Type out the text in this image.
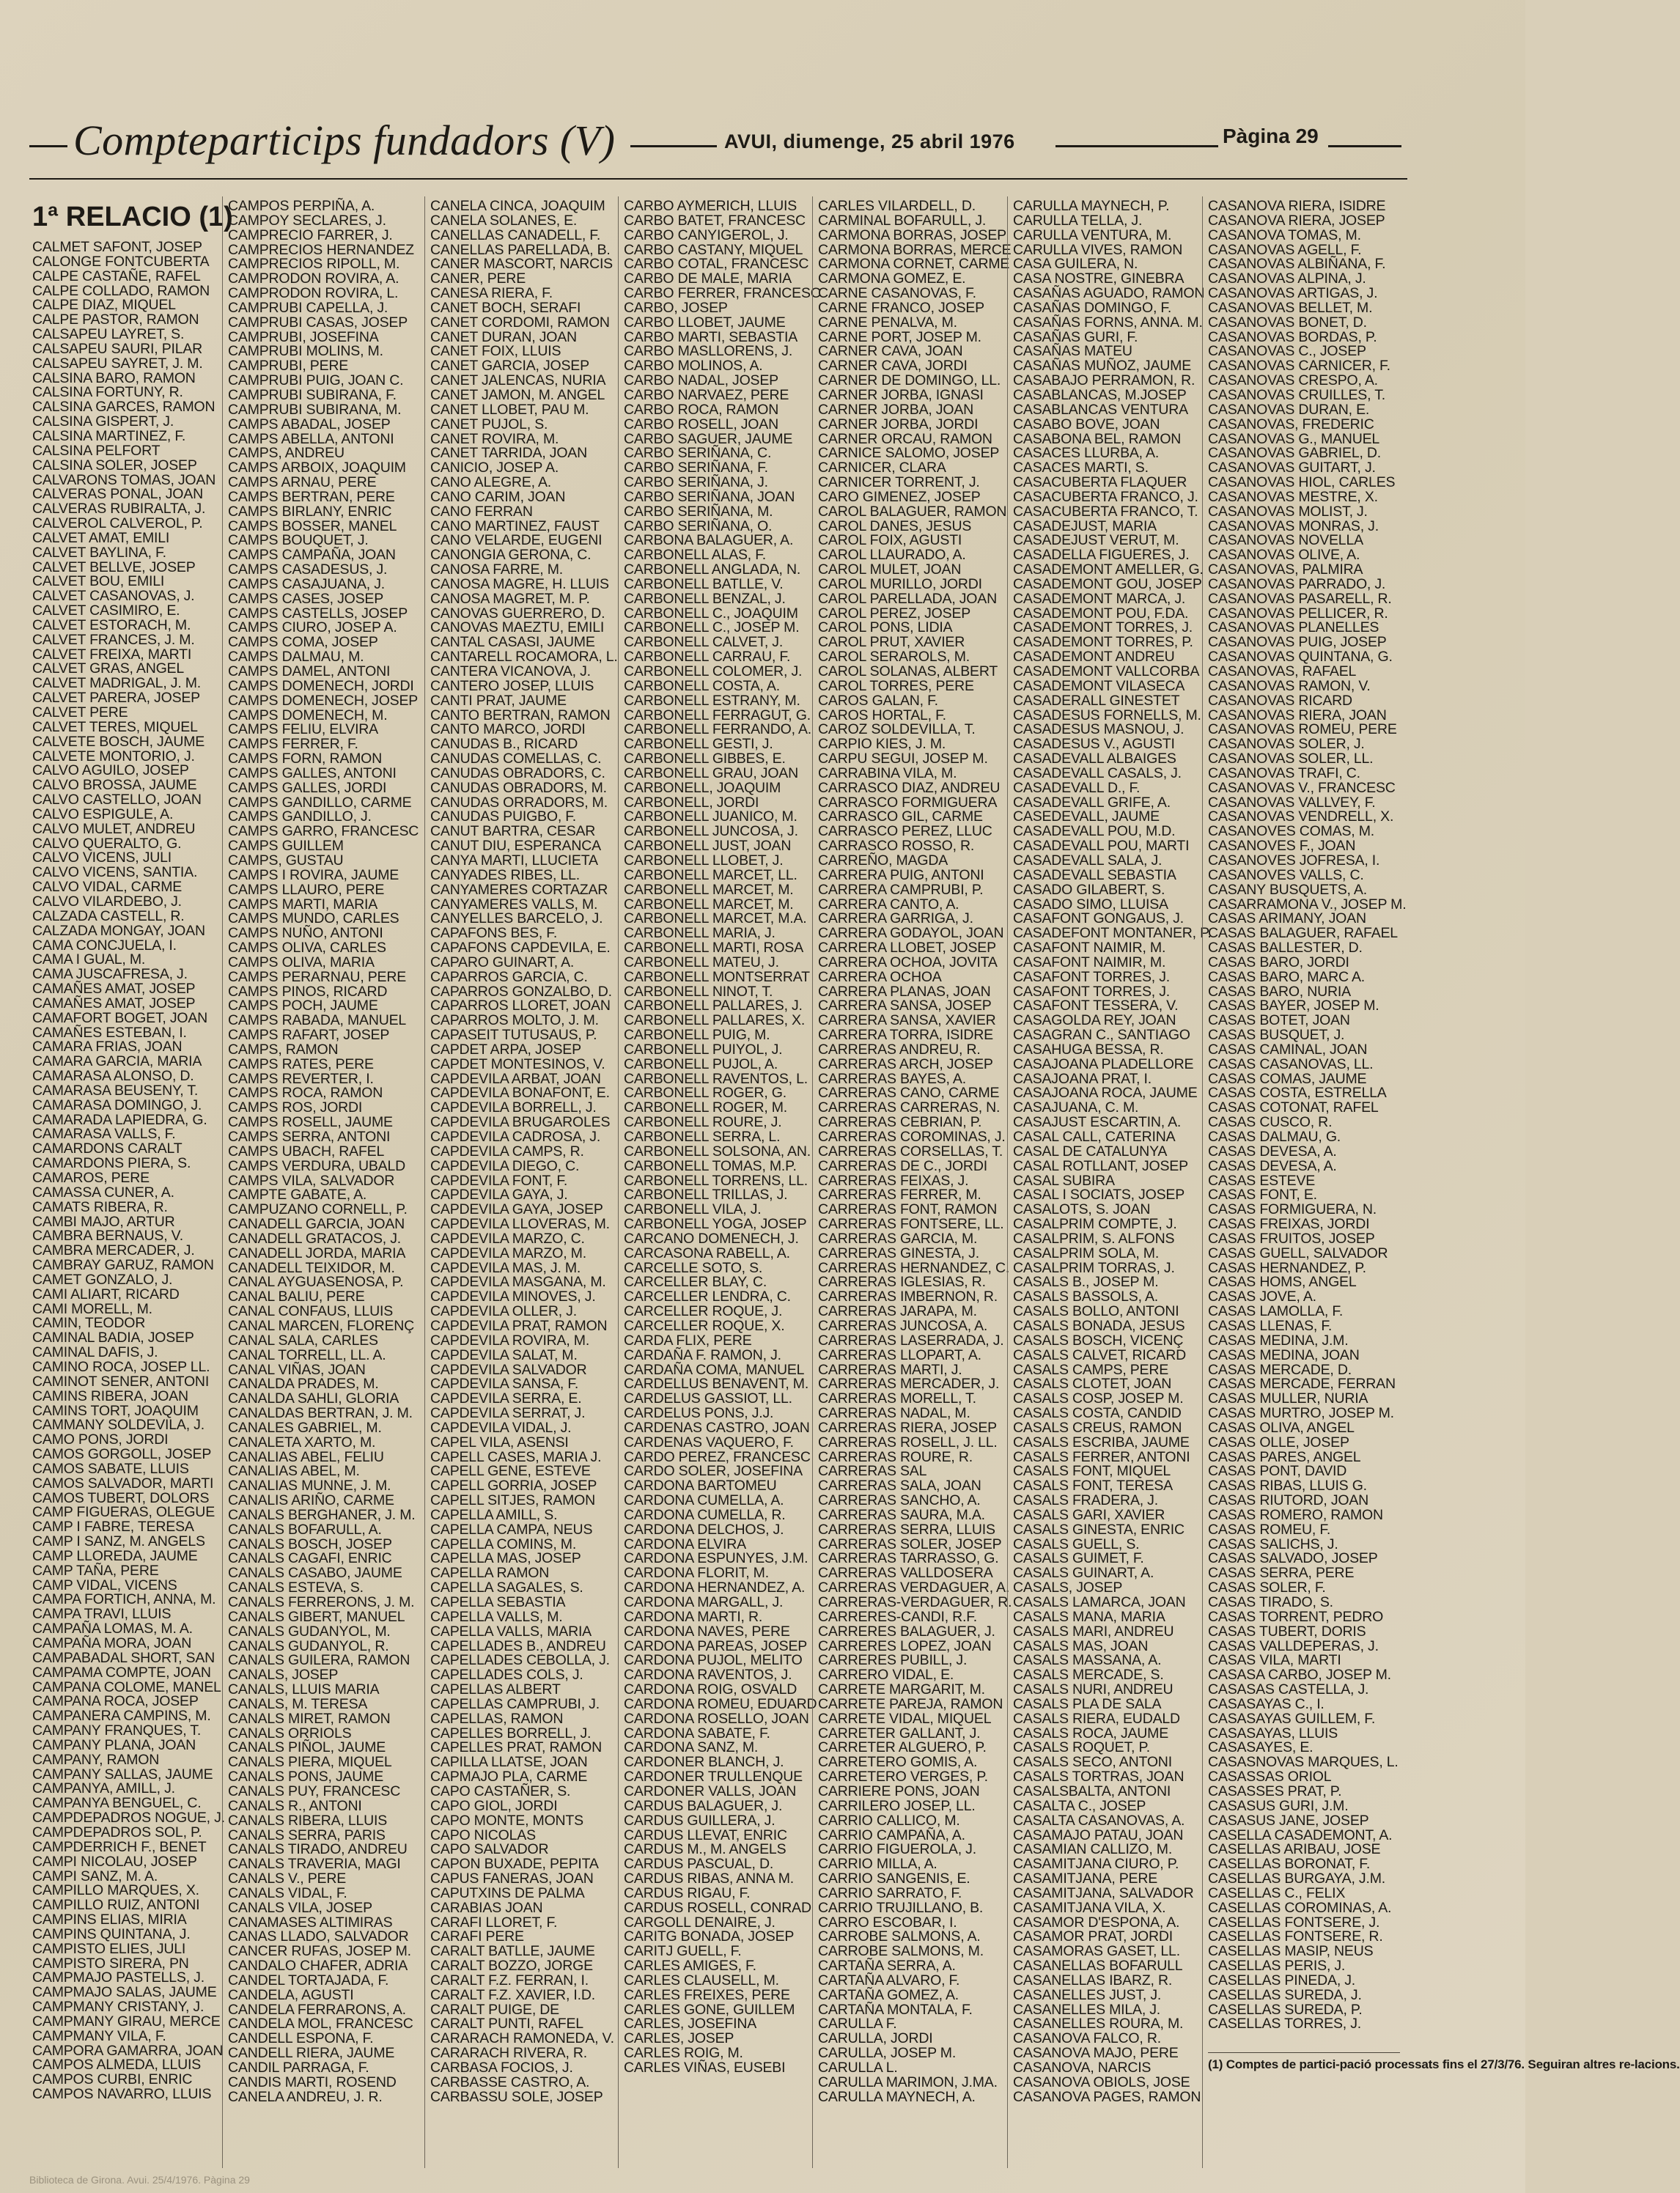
Compteparticips fundadors (V)	AVUI, diumenge, 25 abril 1976	Pàgina 29
1ª RELACIO (1)
CALMET SAFONT, JOSEP
CALONGE FONTCUBERTA
CALPE CASTAÑE, RAFEL
CALPE COLLADO, RAMON
CALPE DIAZ, MIQUEL
CALPE PASTOR, RAMON
CALSAPEU LAYRET, S.
CALSAPEU SAURI, PILAR
CALSAPEU SAYRET, J. M.
CALSINA BARO, RAMON
CALSINA FORTUNY, R.
CALSINA GARCES, RAMON
CALSINA GISPERT, J.
CALSINA MARTINEZ, F.
CALSINA PELFORT
CALSINA SOLER, JOSEP
CALVARONS TOMAS, JOAN
CALVERAS PONAL, JOAN
CALVERAS RUBIRALTA, J.
CALVEROL CALVEROL, P.
CALVET AMAT, EMILI
CALVET BAYLINA, F.
CALVET BELLVE, JOSEP
CALVET BOU, EMILI
CALVET CASANOVAS, J.
CALVET CASIMIRO, E.
CALVET ESTORACH, M.
CALVET FRANCES, J. M.
CALVET FREIXA, MARTI
CALVET GRAS, ANGEL
CALVET MADRIGAL, J. M.
CALVET PARERA, JOSEP
CALVET PERE
CALVET TERES, MIQUEL
CALVETE BOSCH, JAUME
CALVETE MONTORIO, J.
CALVO AGUILO, JOSEP
CALVO BROSSA, JAUME
CALVO CASTELLO, JOAN
CALVO ESPIGULE, A.
CALVO MULET, ANDREU
CALVO QUERALTO, G.
CALVO VICENS, JULI
CALVO VICENS, SANTIA.
CALVO VIDAL, CARME
CALVO VILARDEBO, J.
CALZADA CASTELL, R.
CALZADA MONGAY, JOAN
CAMA CONCJUELA, I.
CAMA I GUAL, M.
CAMA JUSCAFRESA, J.
CAMAÑES AMAT, JOSEP
CAMAÑES AMAT, JOSEP
CAMAFORT BOGET, JOAN
CAMAÑES ESTEBAN, I.
CAMARA FRIAS, JOAN
CAMARA GARCIA, MARIA
CAMARASA ALONSO, D.
CAMARASA BEUSENY, T.
CAMARASA DOMINGO, J.
CAMARADA LAPIEDRA, G.
CAMARASA VALLS, F.
CAMARDONS CARALT
CAMARDONS PIERA, S.
CAMAROS, PERE
CAMASSA CUNER, A.
CAMATS RIBERA, R.
CAMBI MAJO, ARTUR
CAMBRA BERNAUS, V.
CAMBRA MERCADER, J.
CAMBRAY GARUZ, RAMON
CAMET GONZALO, J.
CAMI ALIART, RICARD
CAMI MORELL, M.
CAMIN, TEODOR
CAMINAL BADIA, JOSEP
CAMINAL DAFIS, J.
CAMINO ROCA, JOSEP LL.
CAMINOT SENER, ANTONI
CAMINS RIBERA, JOAN
CAMINS TORT, JOAQUIM
CAMMANY SOLDEVILA, J.
CAMO PONS, JORDI
CAMOS GORGOLL, JOSEP
CAMOS SABATE, LLUIS
CAMOS SALVADOR, MARTI
CAMOS TUBERT, DOLORS
CAMP FIGUERAS, OLEGUE
CAMP I FABRE, TERESA
CAMP I SANZ, M. ANGELS
CAMP LLOREDA, JAUME
CAMP TAÑA, PERE
CAMP VIDAL, VICENS
CAMPA FORTICH, ANNA, M.
CAMPA TRAVI, LLUIS
CAMPAÑA LOMAS, M. A.
CAMPAÑA MORA, JOAN
CAMPABADAL SHORT, SAN
CAMPAMA COMPTE, JOAN
CAMPANA COLOME, MANEL
CAMPANA ROCA, JOSEP
CAMPANERA CAMPINS, M.
CAMPANY FRANQUES, T.
CAMPANY PLANA, JOAN
CAMPANY, RAMON
CAMPANY SALLAS, JAUME
CAMPANYA, AMILL, J.
CAMPANYA BENGUEL, C.
CAMPDEPADROS NOGUE, J.
CAMPDEPADROS SOL, P.
CAMPDERRICH F., BENET
CAMPI NICOLAU, JOSEP
CAMPI SANZ, M. A.
CAMPILLO MARQUES, X.
CAMPILLO RUIZ, ANTONI
CAMPINS ELIAS, MIRIA
CAMPINS QUINTANA, J.
CAMPISTO ELIES, JULI
CAMPISTO SIRERA, PN
CAMPMAJO PASTELLS, J.
CAMPMAJO SALAS, JAUME
CAMPMANY CRISTANY, J.
CAMPMANY GIRAU, MERCE
CAMPMANY VILA, F.
CAMPORA GAMARRA, JOAN
CAMPOS ALMEDA, LLUIS
CAMPOS CURBI, ENRIC
CAMPOS NAVARRO, LLUIS
CAMPOS PERPIÑA, A.
CAMPOY SECLARES, J.
CAMPRECIO FARRER, J.
CAMPRECIOS HERNANDEZ
CAMPRECIOS RIPOLL, M.
CAMPRODON ROVIRA, A.
CAMPRODON ROVIRA, L.
CAMPRUBI CAPELLA, J.
CAMPRUBI CASAS, JOSEP
CAMPRUBI, JOSEFINA
CAMPRUBI MOLINS, M.
CAMPRUBI, PERE
CAMPRUBI PUIG, JOAN C.
CAMPRUBI SUBIRANA, F.
CAMPRUBI SUBIRANA, M.
CAMPS ABADAL, JOSEP
CAMPS ABELLA, ANTONI
CAMPS, ANDREU
CAMPS ARBOIX, JOAQUIM
CAMPS ARNAU, PERE
CAMPS BERTRAN, PERE
CAMPS BIRLANY, ENRIC
CAMPS BOSSER, MANEL
CAMPS BOUQUET, J.
CAMPS CAMPAÑA, JOAN
CAMPS CASADESUS, J.
CAMPS CASAJUANA, J.
CAMPS CASES, JOSEP
CAMPS CASTELLS, JOSEP
CAMPS CIURO, JOSEP A.
CAMPS COMA, JOSEP
CAMPS DALMAU, M.
CAMPS DAMEL, ANTONI
CAMPS DOMENECH, JORDI
CAMPS DOMENECH, JOSEP
CAMPS DOMENECH, M.
CAMPS FELIU, ELVIRA
CAMPS FERRER, F.
CAMPS FORN, RAMON
CAMPS GALLES, ANTONI
CAMPS GALLES, JORDI
CAMPS GANDILLO, CARME
CAMPS GANDILLO, J.
CAMPS GARRO, FRANCESC
CAMPS GUILLEM
CAMPS, GUSTAU
CAMPS I ROVIRA, JAUME
CAMPS LLAURO, PERE
CAMPS MARTI, MARIA
CAMPS MUNDO, CARLES
CAMPS NUÑO, ANTONI
CAMPS OLIVA, CARLES
CAMPS OLIVA, MARIA
CAMPS PERARNAU, PERE
CAMPS PINOS, RICARD
CAMPS POCH, JAUME
CAMPS RABADA, MANUEL
CAMPS RAFART, JOSEP
CAMPS, RAMON
CAMPS RATES, PERE
CAMPS REVERTER, I.
CAMPS ROCA, RAMON
CAMPS ROS, JORDI
CAMPS ROSELL, JAUME
CAMPS SERRA, ANTONI
CAMPS UBACH, RAFEL
CAMPS VERDURA, UBALD
CAMPS VILA, SALVADOR
CAMPTE GABATE, A.
CAMPUZANO CORNELL, P.
CANADELL GARCIA, JOAN
CANADELL GRATACOS, J.
CANADELL JORDA, MARIA
CANADELL TEIXIDOR, M.
CANAL AYGUASENOSA, P.
CANAL BALIU, PERE
CANAL CONFAUS, LLUIS
CANAL MARCEN, FLORENÇ
CANAL SALA, CARLES
CANAL TORRELL, LL. A.
CANAL VIÑAS, JOAN
CANALDA PRADES, M.
CANALDA SAHLI, GLORIA
CANALDAS BERTRAN, J. M.
CANALES GABRIEL, M.
CANALETA XARTO, M.
CANALIAS ABEL, FELIU
CANALIAS ABEL, M.
CANALIAS MUNNE, J. M.
CANALIS ARIÑO, CARME
CANALS BERGHANER, J. M.
CANALS BOFARULL, A.
CANALS BOSCH, JOSEP
CANALS CAGAFI, ENRIC
CANALS CASABO, JAUME
CANALS ESTEVA, S.
CANALS FERRERONS, J. M.
CANALS GIBERT, MANUEL
CANALS GUDANYOL, M.
CANALS GUDANYOL, R.
CANALS GUILERA, RAMON
CANALS, JOSEP
CANALS, LLUIS MARIA
CANALS, M. TERESA
CANALS MIRET, RAMON
CANALS ORRIOLS
CANALS PIÑOL, JAUME
CANALS PIERA, MIQUEL
CANALS PONS, JAUME
CANALS PUY, FRANCESC
CANALS R., ANTONI
CANALS RIBERA, LLUIS
CANALS SERRA, PARIS
CANALS TIRADO, ANDREU
CANALS TRAVERIA, MAGI
CANALS V., PERE
CANALS VIDAL, F.
CANALS VILA, JOSEP
CANAMASES ALTIMIRAS
CANAS LLADO, SALVADOR
CANCER RUFAS, JOSEP M.
CANDALO CHAFER, ADRIA
CANDEL TORTAJADA, F.
CANDELA, AGUSTI
CANDELA FERRARONS, A.
CANDELA MOL, FRANCESC
CANDELL ESPONA, F.
CANDELL RIERA, JAUME
CANDIL PARRAGA, F.
CANDIS MARTI, ROSEND
CANELA ANDREU, J. R.
CANELA CINCA, JOAQUIM
CANELA SOLANES, E.
CANELLAS CANADELL, F.
CANELLAS PARELLADA, B.
CANER MASCORT, NARCIS
CANER, PERE
CANESA RIERA, F.
CANET BOCH, SERAFI
CANET CORDOMI, RAMON
CANET DURAN, JOAN
CANET FOIX, LLUIS
CANET GARCIA, JOSEP
CANET JALENCAS, NURIA
CANET JAMON, M. ANGEL
CANET LLOBET, PAU M.
CANET PUJOL, S.
CANET ROVIRA, M.
CANET TARRIDA, JOAN
CANICIO, JOSEP A.
CANO ALEGRE, A.
CANO CARIM, JOAN
CANO FERRAN
CANO MARTINEZ, FAUST
CANO VELARDE, EUGENI
CANONGIA GERONA, C.
CANOSA FARRE, M.
CANOSA MAGRE, H. LLUIS
CANOSA MAGRET, M. P.
CANOVAS GUERRERO, D.
CANOVAS MAEZTU, EMILI
CANTAL CASASI, JAUME
CANTARELL ROCAMORA, L.
CANTERA VICANOVA, J.
CANTERO JOSEP, LLUIS
CANTI PRAT, JAUME
CANTO BERTRAN, RAMON
CANTO MARCO, JORDI
CANUDAS B., RICARD
CANUDAS COMELLAS, C.
CANUDAS OBRADORS, C.
CANUDAS OBRADORS, M.
CANUDAS ORRADORS, M.
CANUDAS PUIGBO, F.
CANUT BARTRA, CESAR
CANUT DIU, ESPERANCA
CANYA MARTI, LLUCIETA
CANYADES RIBES, LL.
CANYAMERES CORTAZAR
CANYAMERES VALLS, M.
CANYELLES BARCELO, J.
CAPAFONS BES, F.
CAPAFONS CAPDEVILA, E.
CAPARO GUINART, A.
CAPARROS GARCIA, C.
CAPARROS GONZALBO, D.
CAPARROS LLORET, JOAN
CAPARROS MOLTO, J. M.
CAPASEIT TUTUSAUS, P.
CAPDET ARPA, JOSEP
CAPDET MONTESINOS, V.
CAPDEVILA ARBAT, JOAN
CAPDEVILA BONAFONT, E.
CAPDEVILA BORRELL, J.
CAPDEVILA BRUGAROLES
CAPDEVILA CADROSA, J.
CAPDEVILA CAMPS, R.
CAPDEVILA DIEGO, C.
CAPDEVILA FONT, F.
CAPDEVILA GAYA, J.
CAPDEVILA GAYA, JOSEP
CAPDEVILA LLOVERAS, M.
CAPDEVILA MARZO, C.
CAPDEVILA MARZO, M.
CAPDEVILA MAS, J. M.
CAPDEVILA MASGANA, M.
CAPDEVILA MINOVES, J.
CAPDEVILA OLLER, J.
CAPDEVILA PRAT, RAMON
CAPDEVILA ROVIRA, M.
CAPDEVILA SALAT, M.
CAPDEVILA SALVADOR
CAPDEVILA SANSA, F.
CAPDEVILA SERRA, E.
CAPDEVILA SERRAT, J.
CAPDEVILA VIDAL, J.
CAPEL VILA, ASENSI
CAPELL CASES, MARIA J.
CAPELL GENE, ESTEVE
CAPELL GORRIA, JOSEP
CAPELL SITJES, RAMON
CAPELLA AMILL, S.
CAPELLA CAMPA, NEUS
CAPELLA COMINS, M.
CAPELLA MAS, JOSEP
CAPELLA RAMON
CAPELLA SAGALES, S.
CAPELLA SEBASTIA
CAPELLA VALLS, M.
CAPELLA VALLS, MARIA
CAPELLADES B., ANDREU
CAPELLADES CEBOLLA, J.
CAPELLADES COLS, J.
CAPELLAS ALBERT
CAPELLAS CAMPRUBI, J.
CAPELLAS, RAMON
CAPELLES BORRELL, J.
CAPELLES PRAT, RAMON
CAPILLA LLATSE, JOAN
CAPMAJO PLA, CARME
CAPO CASTAÑER, S.
CAPO GIOL, JORDI
CAPO MONTE, MONTS
CAPO NICOLAS
CAPO SALVADOR
CAPON BUXADE, PEPITA
CAPUS FANERAS, JOAN
CAPUTXINS DE PALMA
CARABIAS JOAN
CARAFI LLORET, F.
CARAFI PERE
CARALT BATLLE, JAUME
CARALT BOZZO, JORGE
CARALT F.Z. FERRAN, I.
CARALT F.Z. XAVIER, I.D.
CARALT PUIGE, DE
CARALT PUNTI, RAFEL
CARARACH RAMONEDA, V.
CARARACH RIVERA, R.
CARBASA FOCIOS, J.
CARBASSE CASTRO, A.
CARBASSU SOLE, JOSEP
CARBO AYMERICH, LLUIS
CARBO BATET, FRANCESC
CARBO CANYIGEROL, J.
CARBO CASTANY, MIQUEL
CARBO COTAL, FRANCESC
CARBO DE MALE, MARIA
CARBO FERRER, FRANCESC
CARBO, JOSEP
CARBO LLOBET, JAUME
CARBO MARTI, SEBASTIA
CARBO MASLLORENS, J.
CARBO MOLINOS, A.
CARBO NADAL, JOSEP
CARBO NARVAEZ, PERE
CARBO ROCA, RAMON
CARBO ROSELL, JOAN
CARBO SAGUER, JAUME
CARBO SERIÑANA, C.
CARBO SERIÑANA, F.
CARBO SERIÑANA, J.
CARBO SERIÑANA, JOAN
CARBO SERIÑANA, M.
CARBO SERIÑANA, O.
CARBONA BALAGUER, A.
CARBONELL ALAS, F.
CARBONELL ANGLADA, N.
CARBONELL BATLLE, V.
CARBONELL BENZAL, J.
CARBONELL C., JOAQUIM
CARBONELL C., JOSEP M.
CARBONELL CALVET, J.
CARBONELL CARRAU, F.
CARBONELL COLOMER, J.
CARBONELL COSTA, A.
CARBONELL ESTRANY, M.
CARBONELL FERRAGUT, G.
CARBONELL FERRANDO, A.
CARBONELL GESTI, J.
CARBONELL GIBBES, E.
CARBONELL GRAU, JOAN
CARBONELL, JOAQUIM
CARBONELL, JORDI
CARBONELL JUANICO, M.
CARBONELL JUNCOSA, J.
CARBONELL JUST, JOAN
CARBONELL LLOBET, J.
CARBONELL MARCET, LL.
CARBONELL MARCET, M.
CARBONELL MARCET, M.
CARBONELL MARCET, M.A.
CARBONELL MARIA, J.
CARBONELL MARTI, ROSA
CARBONELL MATEU, J.
CARBONELL MONTSERRAT
CARBONELL NINOT, T.
CARBONELL PALLARES, J.
CARBONELL PALLARES, X.
CARBONELL PUIG, M.
CARBONELL PUIYOL, J.
CARBONELL PUJOL, A.
CARBONELL RAVENTOS, L.
CARBONELL ROGER, G.
CARBONELL ROGER, M.
CARBONELL ROURE, J.
CARBONELL SERRA, L.
CARBONELL SOLSONA, AN.
CARBONELL TOMAS, M.P.
CARBONELL TORRENS, LL.
CARBONELL TRILLAS, J.
CARBONELL VILA, J.
CARBONELL YOGA, JOSEP
CARCANO DOMENECH, J.
CARCASONA RABELL, A.
CARCELLE SOTO, S.
CARCELLER BLAY, C.
CARCELLER LENDRA, C.
CARCELLER ROQUE, J.
CARCELLER ROQUE, X.
CARDA FLIX, PERE
CARDAÑA F. RAMON, J.
CARDAÑA COMA, MANUEL
CARDELLUS BENAVENT, M.
CARDELUS GASSIOT, LL.
CARDELUS PONS, J.J.
CARDENAS CASTRO, JOAN
CARDENAS VAQUERO, F.
CARDO PEREZ, FRANCESC
CARDO SOLER, JOSEFINA
CARDONA BARTOMEU
CARDONA CUMELLA, A.
CARDONA CUMELLA, R.
CARDONA DELCHOS, J.
CARDONA ELVIRA
CARDONA ESPUNYES, J.M.
CARDONA FLORIT, M.
CARDONA HERNANDEZ, A.
CARDONA MARGALL, J.
CARDONA MARTI, R.
CARDONA NAVES, PERE
CARDONA PAREAS, JOSEP
CARDONA PUJOL, MELITO
CARDONA RAVENTOS, J.
CARDONA ROIG, OSVALD
CARDONA ROMEU, EDUARD
CARDONA ROSELLO, JOAN
CARDONA SABATE, F.
CARDONA SANZ, M.
CARDONER BLANCH, J.
CARDONER TRULLENQUE
CARDONER VALLS, JOAN
CARDUS BALAGUER, J.
CARDUS GUILLERA, J.
CARDUS LLEVAT, ENRIC
CARDUS M., M. ANGELS
CARDUS PASCUAL, D.
CARDUS RIBAS, ANNA M.
CARDUS RIGAU, F.
CARDUS ROSELL, CONRAD
CARGOLL DENAIRE, J.
CARITG BONADA, JOSEP
CARITJ GUELL, F.
CARLES AMIGES, F.
CARLES CLAUSELL, M.
CARLES FREIXES, PERE
CARLES GONE, GUILLEM
CARLES, JOSEFINA
CARLES, JOSEP
CARLES ROIG, M.
CARLES VIÑAS, EUSEBI
CARLES VILARDELL, D.
CARMINAL BOFARULL, J.
CARMONA BORRAS, JOSEP
CARMONA BORRAS, MERCE
CARMONA CORNET, CARME
CARMONA GOMEZ, E.
CARNE CASANOVAS, F.
CARNE FRANCO, JOSEP
CARNE PENALVA, M.
CARNE PORT, JOSEP M.
CARNER CAVA, JOAN
CARNER CAVA, JORDI
CARNER DE DOMINGO, LL.
CARNER JORBA, IGNASI
CARNER JORBA, JOAN
CARNER JORBA, JORDI
CARNER ORCAU, RAMON
CARNICE SALOMO, JOSEP
CARNICER, CLARA
CARNICER TORRENT, J.
CARO GIMENEZ, JOSEP
CAROL BALAGUER, RAMON
CAROL DANES, JESUS
CAROL FOIX, AGUSTI
CAROL LLAURADO, A.
CAROL MULET, JOAN
CAROL MURILLO, JORDI
CAROL PARELLADA, JOAN
CAROL PEREZ, JOSEP
CAROL PONS, LIDIA
CAROL PRUT, XAVIER
CAROL SERAROLS, M.
CAROL SOLANAS, ALBERT
CAROL TORRES, PERE
CAROS GALAN, F.
CAROS HORTAL, F.
CAROZ SOLDEVILLA, T.
CARPIO KIES, J. M.
CARPU SEGUI, JOSEP M.
CARRABINA VILA, M.
CARRASCO DIAZ, ANDREU
CARRASCO FORMIGUERA
CARRASCO GIL, CARME
CARRASCO PEREZ, LLUC
CARRASCO ROSSO, R.
CARREÑO, MAGDA
CARRERA PUIG, ANTONI
CARRERA CAMPRUBI, P.
CARRERA CANTO, A.
CARRERA GARRIGA, J.
CARRERA GODAYOL, JOAN
CARRERA LLOBET, JOSEP
CARRERA OCHOA, JOVITA
CARRERA OCHOA
CARRERA PLANAS, JOAN
CARRERA SANSA, JOSEP
CARRERA SANSA, XAVIER
CARRERA TORRA, ISIDRE
CARRERAS ANDREU, R.
CARRERAS ARCH, JOSEP
CARRERAS BAYES, A.
CARRERAS CANO, CARME
CARRERAS CARRERAS, N.
CARRERAS CEBRIAN, P.
CARRERAS COROMINAS, J.
CARRERAS CORSELLAS, T.
CARRERAS DE C., JORDI
CARRERAS FEIXAS, J.
CARRERAS FERRER, M.
CARRERAS FONT, RAMON
CARRERAS FONTSERE, LL.
CARRERAS GARCIA, M.
CARRERAS GINESTA, J.
CARRERAS HERNANDEZ, C.
CARRERAS IGLESIAS, R.
CARRERAS IMBERNON, R.
CARRERAS JARAPA, M.
CARRERAS JUNCOSA, A.
CARRERAS LASERRADA, J.
CARRERAS LLOPART, A.
CARRERAS MARTI, J.
CARRERAS MERCADER, J.
CARRERAS MORELL, T.
CARRERAS NADAL, M.
CARRERAS RIERA, JOSEP
CARRERAS ROSELL, J. LL.
CARRERAS ROURE, R.
CARRERAS SAL
CARRERAS SALA, JOAN
CARRERAS SANCHO, A.
CARRERAS SAURA, M.A.
CARRERAS SERRA, LLUIS
CARRERAS SOLER, JOSEP
CARRERAS TARRASSO, G.
CARRERAS VALLDOSERA
CARRERAS VERDAGUER, A.
CARRERAS-VERDAGUER, R.
CARRERES-CANDI, R.F.
CARRERES BALAGUER, J.
CARRERES LOPEZ, JOAN
CARRERES PUBILL, J.
CARRERO VIDAL, E.
CARRETE MARGARIT, M.
CARRETE PAREJA, RAMON
CARRETE VIDAL, MIQUEL
CARRETER GALLANT, J.
CARRETER ALGUERO, P.
CARRETERO GOMIS, A.
CARRETERO VERGES, P.
CARRIERE PONS, JOAN
CARRILERO JOSEP, LL.
CARRIO CALLICO, M.
CARRIO CAMPAÑA, A.
CARRIO FIGUEROLA, J.
CARRIO MILLA, A.
CARRIO SANGENIS, E.
CARRIO SARRATO, F.
CARRIO TRUJILLANO, B.
CARRO ESCOBAR, I.
CARROBE SALMONS, A.
CARROBE SALMONS, M.
CARTAÑA SERRA, A.
CARTAÑA ALVARO, F.
CARTAÑA GOMEZ, A.
CARTAÑA MONTALA, F.
CARULLA F.
CARULLA, JORDI
CARULLA, JOSEP M.
CARULLA L.
CARULLA MARIMON, J.MA.
CARULLA MAYNECH, A.
CARULLA MAYNECH, P.
CARULLA TELLA, J.
CARULLA VENTURA, M.
CARULLA VIVES, RAMON
CASA GUILERA, N.
CASA NOSTRE, GINEBRA
CASAÑAS AGUADO, RAMON
CASAÑAS DOMINGO, F.
CASAÑAS FORNS, ANNA. M.
CASAÑAS GURI, F.
CASAÑAS MATEU
CASAÑAS MUÑOZ, JAUME
CASABAJO PERRAMON, R.
CASABLANCAS, M.JOSEP
CASABLANCAS VENTURA
CASABO BOVE, JOAN
CASABONA BEL, RAMON
CASACES LLURBA, A.
CASACES MARTI, S.
CASACUBERTA FLAQUER
CASACUBERTA FRANCO, J.
CASACUBERTA FRANCO, T.
CASADEJUST, MARIA
CASADEJUST VERUT, M.
CASADELLA FIGUERES, J.
CASADEMONT AMELLER, G.
CASADEMONT GOU, JOSEP
CASADEMONT MARCA, J.
CASADEMONT POU, F.DA.
CASADEMONT TORRES, J.
CASADEMONT TORRES, P.
CASADEMONT ANDREU
CASADEMONT VALLCORBA
CASADEMONT VILASECA
CASADERALL GINESTET
CASADESUS FORNELLS, M.
CASADESUS MASNOU, J.
CASADESUS V., AGUSTI
CASADEVALL ALBAIGES
CASADEVALL CASALS, J.
CASADEVALL D., F.
CASADEVALL GRIFE, A.
CASEDEVALL, JAUME
CASADEVALL POU, M.D.
CASADEVALL POU, MARTI
CASADEVALL SALA, J.
CASADEVALL SEBASTIA
CASADO GILABERT, S.
CASADO SIMO, LLUISA
CASAFONT GONGAUS, J.
CASADEFONT MONTANER, P.
CASAFONT NAIMIR, M.
CASAFONT NAIMIR, M.
CASAFONT TORRES, J.
CASAFONT TORRES, J.
CASAFONT TESSERA, V.
CASAGOLDA REY, JOAN
CASAGRAN C., SANTIAGO
CASAHUGA BESSA, R.
CASAJOANA PLADELLORE
CASAJOANA PRAT, I.
CASAJOANA ROCA, JAUME
CASAJUANA, C. M.
CASAJUST ESCARTIN, A.
CASAL CALL, CATERINA
CASAL DE CATALUNYA
CASAL ROTLLANT, JOSEP
CASAL SUBIRA
CASAL I SOCIATS, JOSEP
CASALOTS, S. JOAN
CASALPRIM COMPTE, J.
CASALPRIM, S. ALFONS
CASALPRIM SOLA, M.
CASALPRIM TORRAS, J.
CASALS B., JOSEP M.
CASALS BASSOLS, A.
CASALS BOLLO, ANTONI
CASALS BONADA, JESUS
CASALS BOSCH, VICENÇ
CASALS CALVET, RICARD
CASALS CAMPS, PERE
CASALS CLOTET, JOAN
CASALS COSP, JOSEP M.
CASALS COSTA, CANDID
CASALS CREUS, RAMON
CASALS ESCRIBA, JAUME
CASALS FERRER, ANTONI
CASALS FONT, MIQUEL
CASALS FONT, TERESA
CASALS FRADERA, J.
CASALS GARI, XAVIER
CASALS GINESTA, ENRIC
CASALS GUELL, S.
CASALS GUIMET, F.
CASALS GUINART, A.
CASALS, JOSEP
CASALS LAMARCA, JOAN
CASALS MANA, MARIA
CASALS MARI, ANDREU
CASALS MAS, JOAN
CASALS MASSANA, A.
CASALS MERCADE, S.
CASALS NURI, ANDREU
CASALS PLA DE SALA
CASALS RIERA, EUDALD
CASALS ROCA, JAUME
CASALS ROQUET, P.
CASALS SECO, ANTONI
CASALS TORTRAS, JOAN
CASALSBALTA, ANTONI
CASALTA C., JOSEP
CASALTA CASANOVAS, A.
CASAMAJO PATAU, JOAN
CASAMIAN CALLIZO, M.
CASAMITJANA CIURO, P.
CASAMITJANA, PERE
CASAMITJANA, SALVADOR
CASAMITJANA VILA, X.
CASAMOR D'ESPONA, A.
CASAMOR PRAT, JORDI
CASAMORAS GASET, LL.
CASANELLAS BOFARULL
CASANELLAS IBARZ, R.
CASANELLES JUST, J.
CASANELLES MILA, J.
CASANELLES ROURA, M.
CASANOVA FALCO, R.
CASANOVA MAJO, PERE
CASANOVA, NARCIS
CASANOVA OBIOLS, JOSE
CASANOVA PAGES, RAMON
CASANOVA RIERA, ISIDRE
CASANOVA RIERA, JOSEP
CASANOVA TOMAS, M.
CASANOVAS AGELL, F.
CASANOVAS ALBIÑANA, F.
CASANOVAS ALPINA, J.
CASANOVAS ARTIGAS, J.
CASANOVAS BELLET, M.
CASANOVAS BONET, D.
CASANOVAS BORDAS, P.
CASANOVAS C., JOSEP
CASANOVAS CARNICER, F.
CASANOVAS CRESPO, A.
CASANOVAS CRUILLES, T.
CASANOVAS DURAN, E.
CASANOVAS, FREDERIC
CASANOVAS G., MANUEL
CASANOVAS GABRIEL, D.
CASANOVAS GUITART, J.
CASANOVAS HIOL, CARLES
CASANOVAS MESTRE, X.
CASANOVAS MOLIST, J.
CASANOVAS MONRAS, J.
CASANOVAS NOVELLA
CASANOVAS OLIVE, A.
CASANOVAS, PALMIRA
CASANOVAS PARRADO, J.
CASANOVAS PASARELL, R.
CASANOVAS PELLICER, R.
CASANOVAS PLANELLES
CASANOVAS PUIG, JOSEP
CASANOVAS QUINTANA, G.
CASANOVAS, RAFAEL
CASANOVAS RAMON, V.
CASANOVAS RICARD
CASANOVAS RIERA, JOAN
CASANOVAS ROMEU, PERE
CASANOVAS SOLER, J.
CASANOVAS SOLER, LL.
CASANOVAS TRAFI, C.
CASANOVAS V., FRANCESC
CASANOVAS VALLVEY, F.
CASANOVAS VENDRELL, X.
CASANOVES COMAS, M.
CASANOVES F., JOAN
CASANOVES JOFRESA, I.
CASANOVES VALLS, C.
CASANY BUSQUETS, A.
CASARRAMONA V., JOSEP M.
CASAS ARIMANY, JOAN
CASAS BALAGUER, RAFAEL
CASAS BALLESTER, D.
CASAS BARO, JORDI
CASAS BARO, MARC A.
CASAS BARO, NURIA
CASAS BAYER, JOSEP M.
CASAS BOTET, JOAN
CASAS BUSQUET, J.
CASAS CAMINAL, JOAN
CASAS CASANOVAS, LL.
CASAS COMAS, JAUME
CASAS COSTA, ESTRELLA
CASAS COTONAT, RAFEL
CASAS CUSCO, R.
CASAS DALMAU, G.
CASAS DEVESA, A.
CASAS DEVESA, A.
CASAS ESTEVE
CASAS FONT, E.
CASAS FORMIGUERA, N.
CASAS FREIXAS, JORDI
CASAS FRUITOS, JOSEP
CASAS GUELL, SALVADOR
CASAS HERNANDEZ, P.
CASAS HOMS, ANGEL
CASAS JOVE, A.
CASAS LAMOLLA, F.
CASAS LLENAS, F.
CASAS MEDINA, J.M.
CASAS MEDINA, JOAN
CASAS MERCADE, D.
CASAS MERCADE, FERRAN
CASAS MULLER, NURIA
CASAS MURTRO, JOSEP M.
CASAS OLIVA, ANGEL
CASAS OLLE, JOSEP
CASAS PARES, ANGEL
CASAS PONT, DAVID
CASAS RIBAS, LLUIS G.
CASAS RIUTORD, JOAN
CASAS ROMERO, RAMON
CASAS ROMEU, F.
CASAS SALICHS, J.
CASAS SALVADO, JOSEP
CASAS SERRA, PERE
CASAS SOLER, F.
CASAS TIRADO, S.
CASAS TORRENT, PEDRO
CASAS TUBERT, DORIS
CASAS VALLDEPERAS, J.
CASAS VILA, MARTI
CASASA CARBO, JOSEP M.
CASASAS CASTELLA, J.
CASASAYAS C., I.
CASASAYAS GUILLEM, F.
CASASAYAS, LLUIS
CASASAYES, E.
CASASNOVAS MARQUES, L.
CASASSAS ORIOL
CASASSES PRAT, P.
CASASUS GURI, J.M.
CASASUS JANE, JOSEP
CASELLA CASADEMONT, A.
CASELLAS ARIBAU, JOSE
CASELLAS BORONAT, F.
CASELLAS BURGAYA, J.M.
CASELLAS C., FELIX
CASELLAS COROMINAS, A.
CASELLAS FONTSERE, J.
CASELLAS FONTSERE, R.
CASELLAS MASIP, NEUS
CASELLAS PERIS, J.
CASELLAS PINEDA, J.
CASELLAS SUREDA, J.
CASELLAS SUREDA, P.
CASELLAS TORRES, J.
(1) Comptes de partici-pació processats fins el 27/3/76. Seguiran altres re-lacions.
Biblioteca de Girona. Avui. 25/4/1976. Pàgina 29
